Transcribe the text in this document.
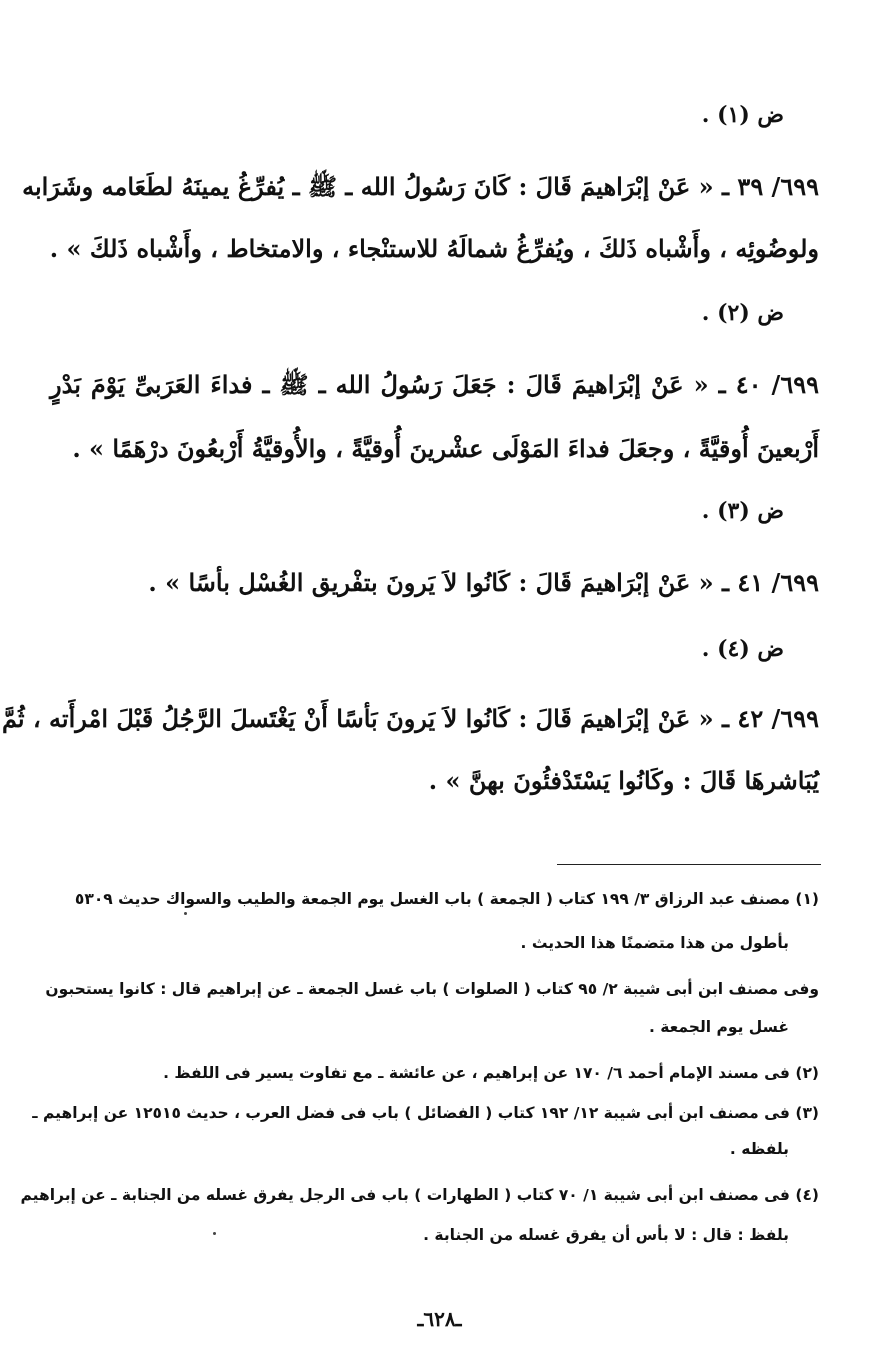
ض (١) .
٦٩٩/ ٣٩ ـ « عَنْ إبْرَاهيمَ قَالَ : كَانَ رَسُولُ الله ـ ﷺ ـ يُفرِّغُ يمينَهُ لطَعَامه وشَرَابه
ولوضُوئِه ، وأَشْباه ذَلكَ ، ويُفرِّغُ شمالَهُ للاستنْجاء ، والامتخاط ، وأَشْباه ذَلكَ » .
ض (٢) .
٦٩٩/ ٤٠ ـ « عَنْ إبْرَاهيمَ قَالَ : جَعَلَ رَسُولُ الله ـ ﷺ ـ فداءَ العَرَبىِّ يَوْمَ بَدْرٍ
أَرْبعينَ أُوقيَّةً ، وجعَلَ فداءَ المَوْلَى عشْرينَ أُوقيَّةً ، والأُوقيَّةُ أَرْبعُونَ درْهَمًا » .
ض (٣) .
٦٩٩/ ٤١ ـ « عَنْ إبْرَاهيمَ قَالَ : كَانُوا لاَ يَرونَ بتفْريق الغُسْل بأسًا » .
ض (٤) .
٦٩٩/ ٤٢ ـ « عَنْ إبْرَاهيمَ قَالَ : كَانُوا لاَ يَرونَ بَأسًا أَنْ يَغْتَسلَ الرَّجُلُ قَبْلَ امْرأَته ، ثُمَّ
يُبَاشرهَا قَالَ : وكَانُوا يَسْتَدْفئُونَ بهنَّ » .
(١) مصنف عبد الرزاق ٣/ ١٩٩ كتاب ( الجمعة ) باب الغسل يوم الجمعة والطيب والسواك حديث ٥٣٠٩
بأطول من هذا متضمنًا هذا الحديث .
وفى مصنف ابن أبى شيبة ٢/ ٩٥ كتاب ( الصلوات ) باب غسل الجمعة ـ عن إبراهيم قال : كانوا يستحبون
غسل يوم الجمعة .
(٢) فى مسند الإمام أحمد ٦/ ١٧٠ عن إبراهيم ، عن عائشة ـ مع تفاوت يسير فى اللفظ .
(٣) فى مصنف ابن أبى شيبة ١٢/ ١٩٢ كتاب ( الفضائل ) باب فى فضل العرب ، حديث ١٢٥١٥ عن إبراهيم ـ
بلفظه .
(٤) فى مصنف ابن أبى شيبة ١/ ٧٠ كتاب ( الطهارات ) باب فى الرجل يفرق غسله من الجنابة ـ عن إبراهيم
بلفظ : قال : لا بأس أن يفرق غسله من الجنابة .
ـ٦٢٨ـ
